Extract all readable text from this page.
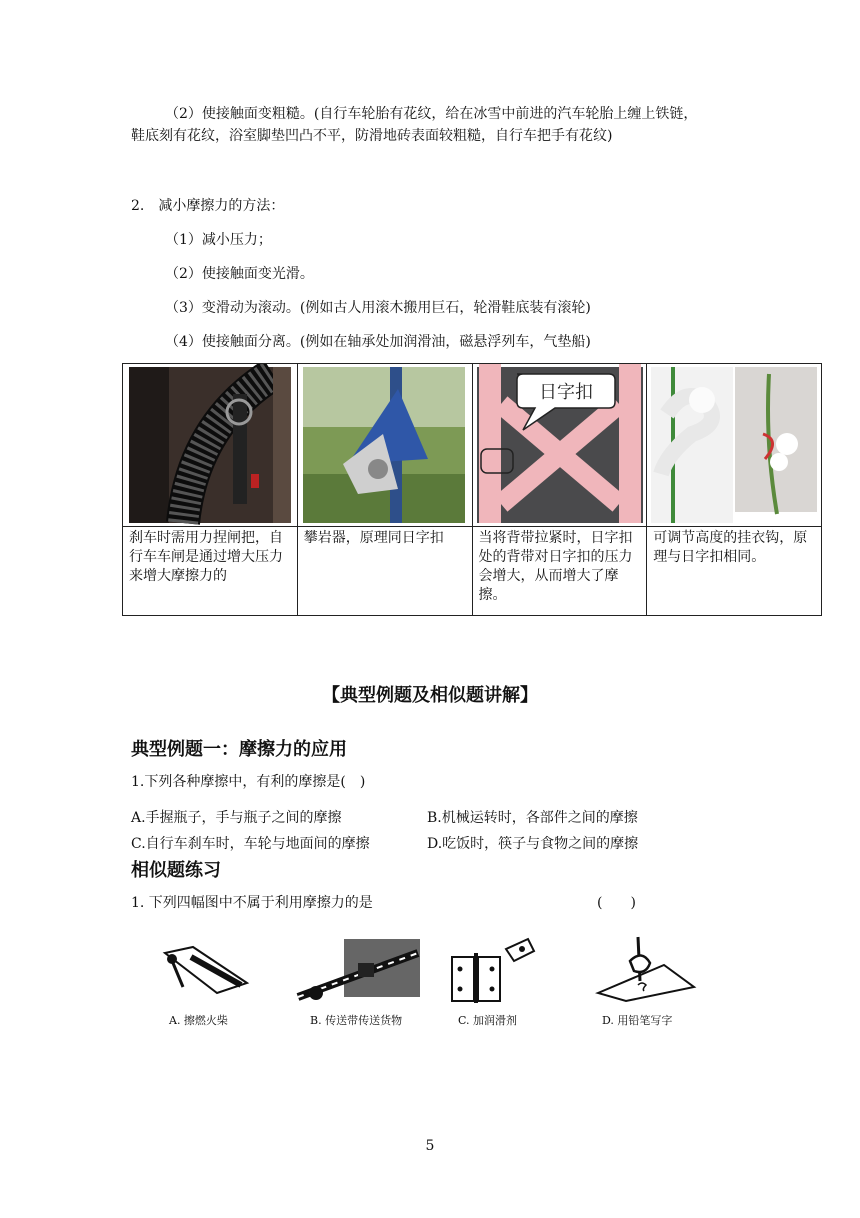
（2）使接触面变粗糙。(自行车轮胎有花纹，给在冰雪中前进的汽车轮胎上缠上铁链，
鞋底刻有花纹，浴室脚垫凹凸不平，防滑地砖表面较粗糙，自行车把手有花纹)
2.　减小摩擦力的方法：
（1）减小压力；
（2）使接触面变光滑。
（3）变滑动为滚动。(例如古人用滚木搬用巨石，轮滑鞋底装有滚轮)
（4）使接触面分离。(例如在轴承处加润滑油，磁悬浮列车，气垫船)

日字扣

刹车时需用力捏闸把，自行车车闸是通过增大压力来增大摩擦力的	攀岩器，原理同日字扣	当将背带拉紧时，日字扣处的背带对日字扣的压力会增大，从而增大了摩擦。	可调节高度的挂衣钩，原理与日字扣相同。
【典型例题及相似题讲解】
典型例题一：摩擦力的应用
1.下列各种摩擦中，有利的摩擦是(　)
A.手握瓶子，手与瓶子之间的摩擦	B.机械运转时，各部件之间的摩擦
C.自行车刹车时，车轮与地面间的摩擦	D.吃饭时，筷子与食物之间的摩擦
相似题练习
1. 下列四幅图中不属于利用摩擦力的是	(　　)
A. 擦燃火柴	B. 传送带传送货物	C. 加润滑剂	D. 用铅笔写字
5
